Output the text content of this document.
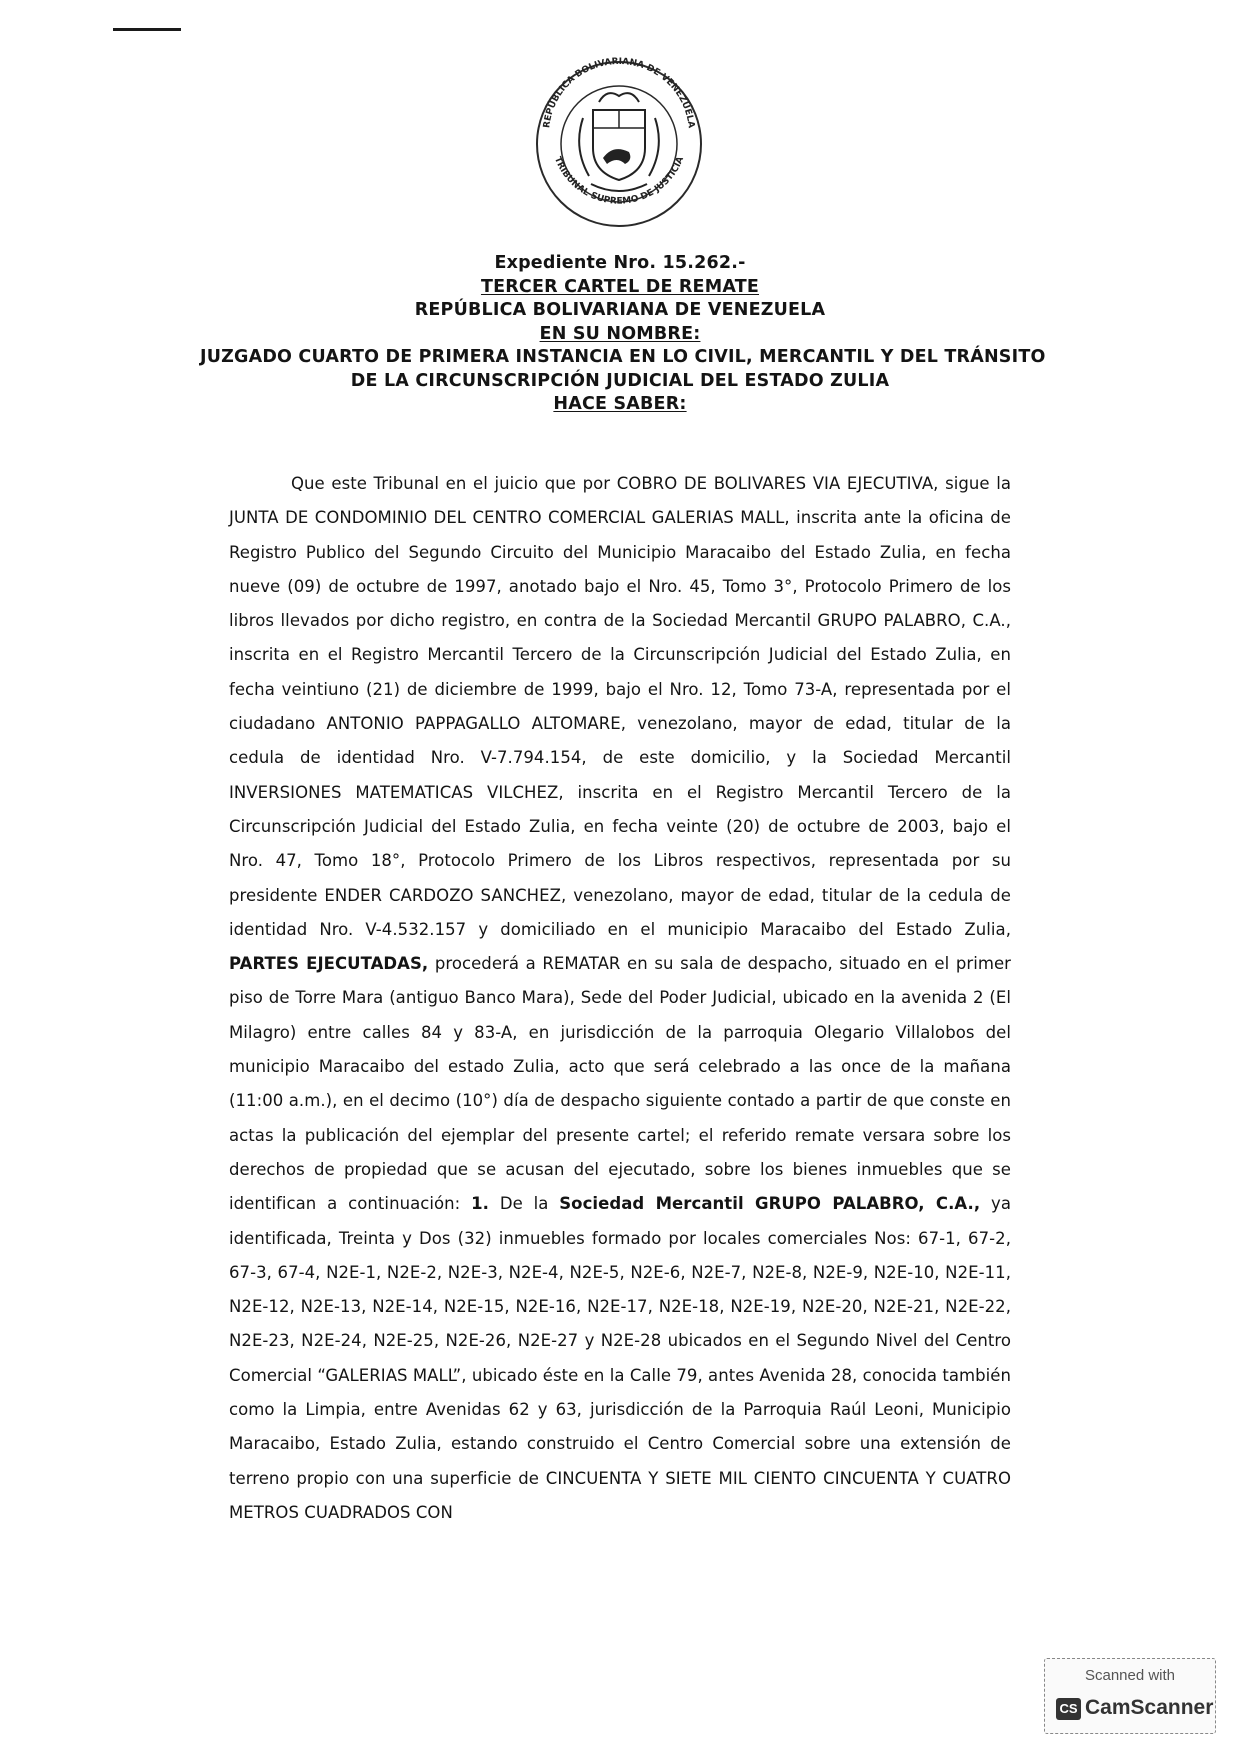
REPÚBLICA BOLIVARIANA DE VENEZUELA
TRIBUNAL SUPREMO DE JUSTICIA
Expediente Nro. 15.262.-
TERCER CARTEL DE REMATE
REPÚBLICA BOLIVARIANA DE VENEZUELA
EN SU NOMBRE:
JUZGADO CUARTO DE PRIMERA INSTANCIA EN LO CIVIL, MERCANTIL Y DEL TRÁNSITO
DE LA CIRCUNSCRIPCIÓN JUDICIAL DEL ESTADO ZULIA
HACE SABER:
Que este Tribunal en el juicio que por COBRO DE BOLIVARES VIA EJECUTIVA, sigue la JUNTA DE CONDOMINIO DEL CENTRO COMERCIAL GALERIAS MALL, inscrita ante la oficina de Registro Publico del Segundo Circuito del Municipio Maracaibo del Estado Zulia, en fecha nueve (09) de octubre de 1997, anotado bajo el Nro. 45, Tomo 3°, Protocolo Primero de los libros llevados por dicho registro, en contra de la Sociedad Mercantil GRUPO PALABRO, C.A., inscrita en el Registro Mercantil Tercero de la Circunscripción Judicial del Estado Zulia, en fecha veintiuno (21) de diciembre de 1999, bajo el Nro. 12, Tomo 73-A, representada por el ciudadano ANTONIO PAPPAGALLO ALTOMARE, venezolano, mayor de edad, titular de la cedula de identidad Nro. V-7.794.154, de este domicilio, y la Sociedad Mercantil INVERSIONES MATEMATICAS VILCHEZ, inscrita en el Registro Mercantil Tercero de la Circunscripción Judicial del Estado Zulia, en fecha veinte (20) de octubre de 2003, bajo el Nro. 47, Tomo 18°, Protocolo Primero de los Libros respectivos, representada por su presidente ENDER CARDOZO SANCHEZ, venezolano, mayor de edad, titular de la cedula de identidad Nro. V-4.532.157 y domiciliado en el municipio Maracaibo del Estado Zulia, PARTES EJECUTADAS, procederá a REMATAR en su sala de despacho, situado en el primer piso de Torre Mara (antiguo Banco Mara), Sede del Poder Judicial, ubicado en la avenida 2 (El Milagro) entre calles 84 y 83-A, en jurisdicción de la parroquia Olegario Villalobos del municipio Maracaibo del estado Zulia, acto que será celebrado a las once de la mañana (11:00 a.m.), en el decimo (10°) día de despacho siguiente contado a partir de que conste en actas la publicación del ejemplar del presente cartel; el referido remate versara sobre los derechos de propiedad que se acusan del ejecutado, sobre los bienes inmuebles que se identifican a continuación: 1. De la Sociedad Mercantil GRUPO PALABRO, C.A., ya identificada, Treinta y Dos (32) inmuebles formado por locales comerciales Nos: 67-1, 67-2, 67-3, 67-4, N2E-1, N2E-2, N2E-3, N2E-4, N2E-5, N2E-6, N2E-7, N2E-8, N2E-9, N2E-10, N2E-11, N2E-12, N2E-13, N2E-14, N2E-15, N2E-16, N2E-17, N2E-18, N2E-19, N2E-20, N2E-21, N2E-22, N2E-23, N2E-24, N2E-25, N2E-26, N2E-27 y N2E-28 ubicados en el Segundo Nivel del Centro Comercial “GALERIAS MALL”, ubicado éste en la Calle 79, antes Avenida 28, conocida también como la Limpia, entre Avenidas 62 y 63, jurisdicción de la Parroquia Raúl Leoni, Municipio Maracaibo, Estado Zulia, estando construido el Centro Comercial sobre una extensión de terreno propio con una superficie de CINCUENTA Y SIETE MIL CIENTO CINCUENTA Y CUATRO METROS CUADRADOS CON
Scanned with
CS CamScanner
